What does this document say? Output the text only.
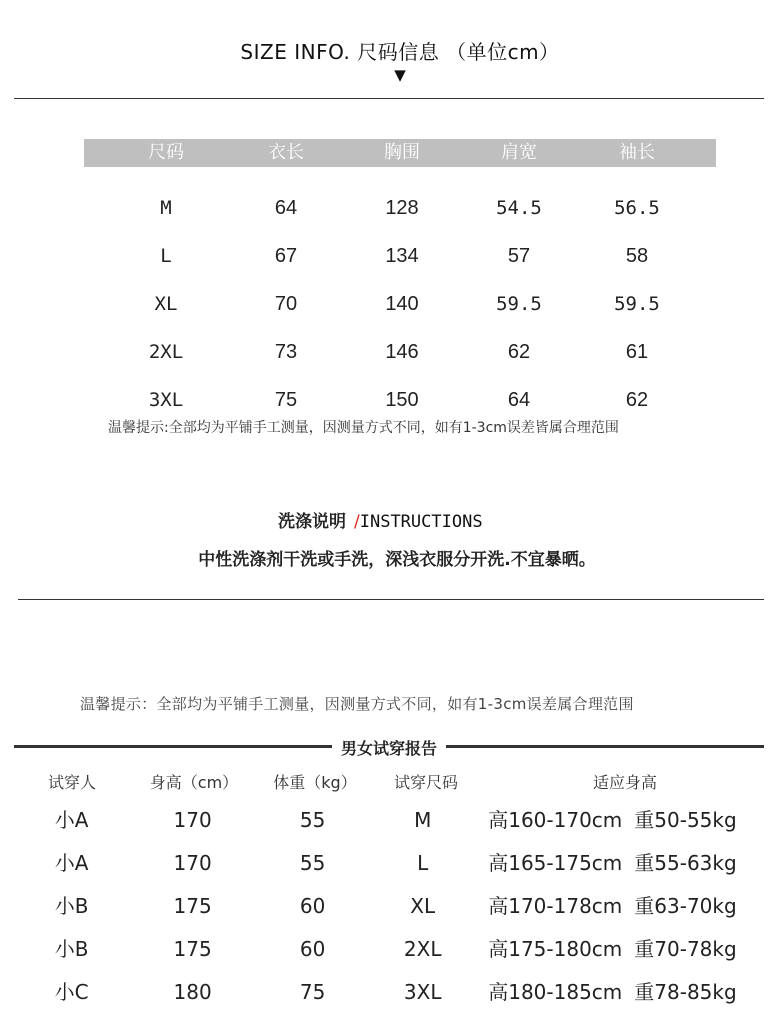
SIZE INFO. 尺码信息 （单位cm）
▼
尺码	衣长	胸围	肩宽	袖长
M	64	128	54.5	56.5
L	67	134	57	58
XL	70	140	59.5	59.5
2XL	73	146	62	61
3XL	75	150	64	62
温馨提示:全部均为平铺手工测量，因测量方式不同，如有1-3cm误差皆属合理范围
洗涤说明 /INSTRUCTIONS
中性洗涤剂干洗或手洗，深浅衣服分开洗.不宜暴晒。
温馨提示：全部均为平铺手工测量，因测量方式不同，如有1-3cm误差属合理范围
男女试穿报告
试穿人	身高（cm）	体重（kg）	试穿尺码	适应身高
小A	170	55	M	高160-170cm 重50-55kg
小A	170	55	L	高165-175cm 重55-63kg
小B	175	60	XL	高170-178cm 重63-70kg
小B	175	60	2XL	高175-180cm 重70-78kg
小C	180	75	3XL	高180-185cm 重78-85kg
